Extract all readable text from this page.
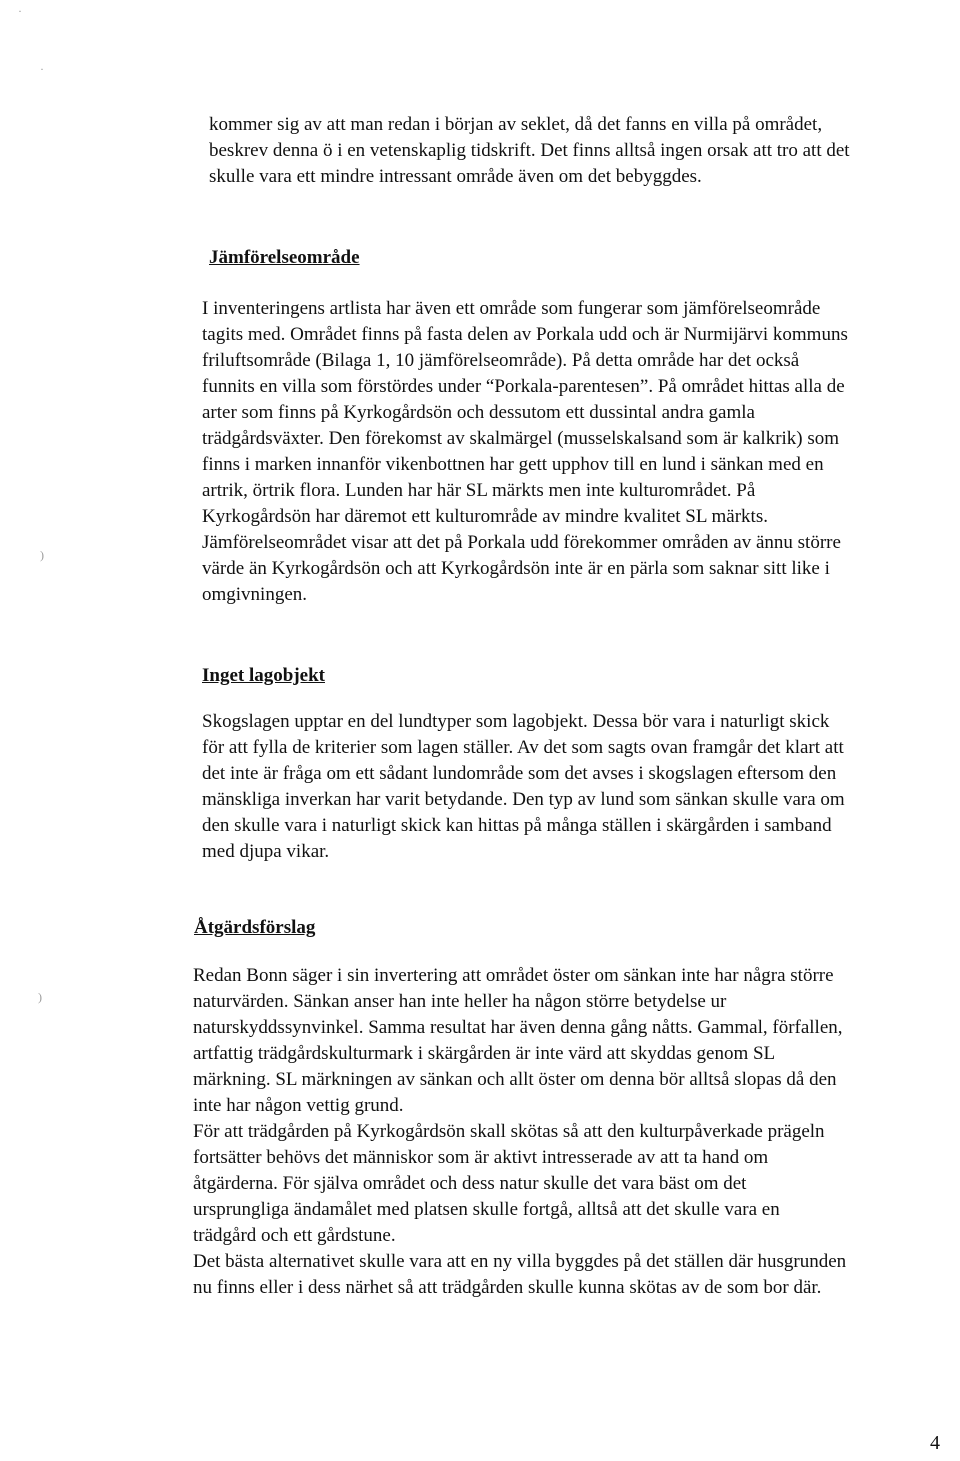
·
·
)
)
kommer sig av att man redan i början av seklet, då det fanns en villa på området,
beskrev denna ö i en vetenskaplig tidskrift. Det finns alltså ingen orsak att tro att det
skulle vara ett mindre intressant område även om det bebyggdes.
Jämförelseområde
I inventeringens artlista har även ett område som fungerar som jämförelseområde
tagits med. Området finns på fasta delen av Porkala udd och är Nurmijärvi kommuns
friluftsområde (Bilaga 1, 10 jämförelseområde). På detta område har det också
funnits en villa som förstördes under “Porkala-parentesen”. På området hittas alla de
arter som finns på Kyrkogårdsön och dessutom ett dussintal andra gamla
trädgårdsväxter. Den förekomst av skalmärgel (musselskalsand som är kalkrik) som
finns i marken innanför vikenbottnen har gett upphov till en lund i sänkan med en
artrik, örtrik flora. Lunden har här SL märkts men inte kulturområdet. På
Kyrkogårdsön har däremot ett kulturområde av mindre kvalitet SL märkts.
Jämförelseområdet visar att det på Porkala udd förekommer områden av ännu större
värde än Kyrkogårdsön och att Kyrkogårdsön inte är en pärla som saknar sitt like i
omgivningen.
Inget lagobjekt
Skogslagen upptar en del lundtyper som lagobjekt. Dessa bör vara i naturligt skick
för att fylla de kriterier som lagen ställer. Av det som sagts ovan framgår det klart att
det inte är fråga om ett sådant lundområde som det avses i skogslagen eftersom den
mänskliga inverkan har varit betydande. Den typ av lund som sänkan skulle vara om
den skulle vara i naturligt skick kan hittas på många ställen i skärgården i samband
med djupa vikar.
Åtgärdsförslag
Redan Bonn säger i sin invertering att området öster om sänkan inte har några större
naturvärden. Sänkan anser han inte heller ha någon större betydelse ur
naturskyddssynvinkel. Samma resultat har även denna gång nåtts. Gammal, förfallen,
artfattig trädgårdskulturmark i skärgården är inte värd att skyddas genom SL
märkning. SL märkningen av sänkan och allt öster om denna bör alltså slopas då den
inte har någon vettig grund.
För att trädgården på Kyrkogårdsön skall skötas så att den kulturpåverkade prägeln
fortsätter behövs det människor som är aktivt intresserade av att ta hand om
åtgärderna. För själva området och dess natur skulle det vara bäst om det
ursprungliga ändamålet med platsen skulle fortgå, alltså att det skulle vara en
trädgård och ett gårdstune.
Det bästa alternativet skulle vara att en ny villa byggdes på det ställen där husgrunden
nu finns eller i dess närhet så att trädgården skulle kunna skötas av de som bor där.
4
